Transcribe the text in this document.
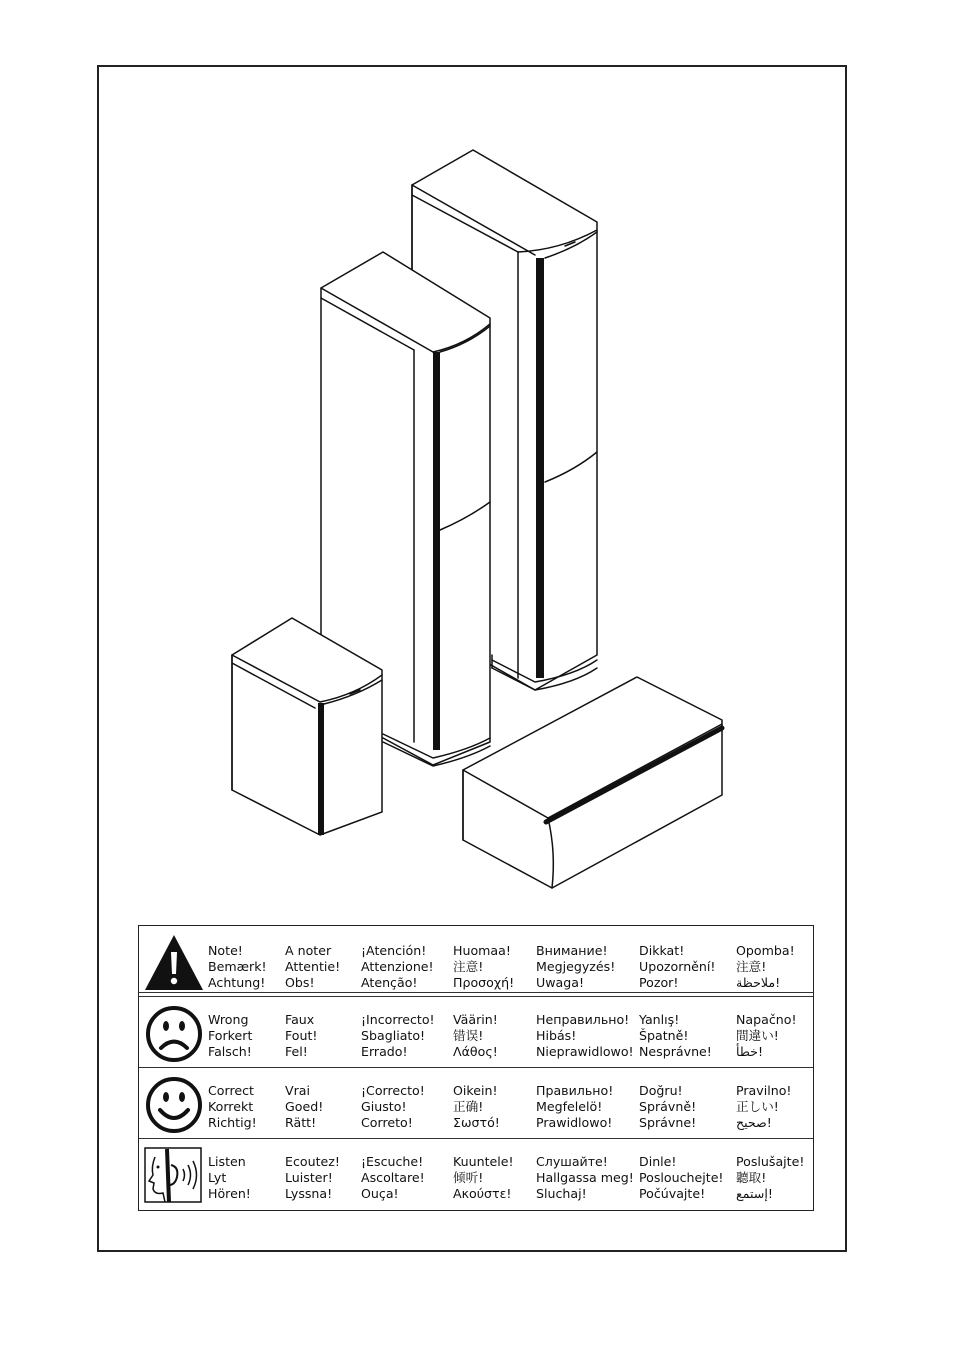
Note!
Bemærk!
Achtung!
A noter
Attentie!
Obs!
¡Atención!
Attenzione!
Atenção!
Huomaa!
注意!
Προσοχή!
Внимание!
Megjegyzés!
Uwaga!
Dikkat!
Upozornění!
Pozor!
Opomba!
注意!
ملاحظة!
Wrong
Forkert
Falsch!
Faux
Fout!
Fel!
¡Incorrecto!
Sbagliato!
Errado!
Väärin!
错误!
Λάθος!
Неправильно!
Hibás!
Nieprawidlowo!
Yanlış!
Špatně!
Nesprávne!
Napačno!
間違い!
خطأ!
Correct
Korrekt
Richtig!
Vrai
Goed!
Rätt!
¡Correcto!
Giusto!
Correto!
Oikein!
正确!
Σωστό!
Правильно!
Megfelelö!
Prawidlowo!
Doğru!
Správně!
Správne!
Pravilno!
正しい!
صحيح!
Listen
Lyt
Hören!
Ecoutez!
Luister!
Lyssna!
¡Escuche!
Ascoltare!
Ouça!
Kuuntele!
倾听!
Ακούστε!
Слушайте!
Hallgassa meg!
Sluchaj!
Dinle!
Poslouchejte!
Počúvajte!
Poslušajte!
聽取!
إستمع!
